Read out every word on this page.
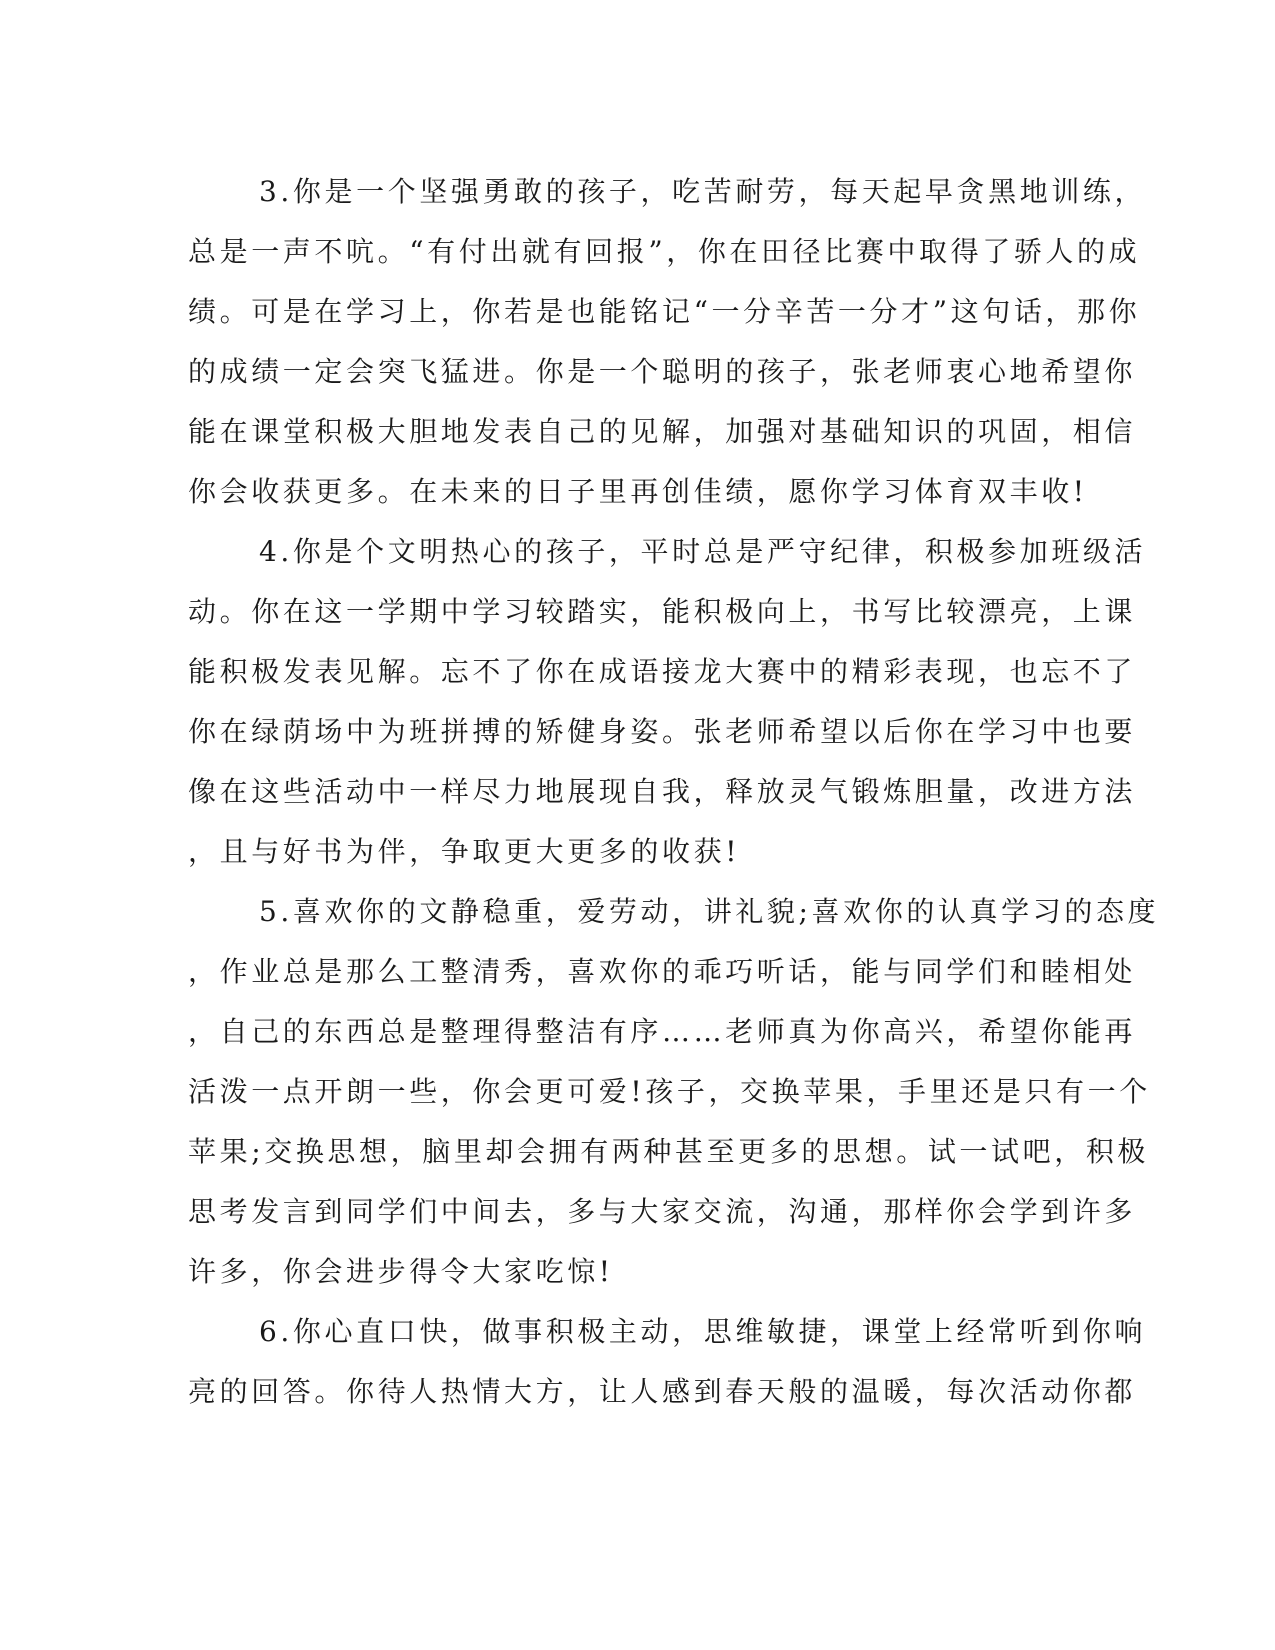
3.你是一个坚强勇敢的孩子，吃苦耐劳，每天起早贪黑地训练，
总是一声不吭。“有付出就有回报”，你在田径比赛中取得了骄人的成
绩。可是在学习上，你若是也能铭记“一分辛苦一分才”这句话，那你
的成绩一定会突飞猛进。你是一个聪明的孩子，张老师衷心地希望你
能在课堂积极大胆地发表自己的见解，加强对基础知识的巩固，相信
你会收获更多。在未来的日子里再创佳绩，愿你学习体育双丰收!
4.你是个文明热心的孩子，平时总是严守纪律，积极参加班级活
动。你在这一学期中学习较踏实，能积极向上，书写比较漂亮，上课
能积极发表见解。忘不了你在成语接龙大赛中的精彩表现，也忘不了
你在绿荫场中为班拼搏的矫健身姿。张老师希望以后你在学习中也要
像在这些活动中一样尽力地展现自我，释放灵气锻炼胆量，改进方法
，且与好书为伴，争取更大更多的收获!
5.喜欢你的文静稳重，爱劳动，讲礼貌;喜欢你的认真学习的态度
，作业总是那么工整清秀，喜欢你的乖巧听话，能与同学们和睦相处
，自己的东西总是整理得整洁有序……老师真为你高兴，希望你能再
活泼一点开朗一些，你会更可爱!孩子，交换苹果，手里还是只有一个
苹果;交换思想，脑里却会拥有两种甚至更多的思想。试一试吧，积极
思考发言到同学们中间去，多与大家交流，沟通，那样你会学到许多
许多，你会进步得令大家吃惊!
6.你心直口快，做事积极主动，思维敏捷，课堂上经常听到你响
亮的回答。你待人热情大方，让人感到春天般的温暖，每次活动你都
